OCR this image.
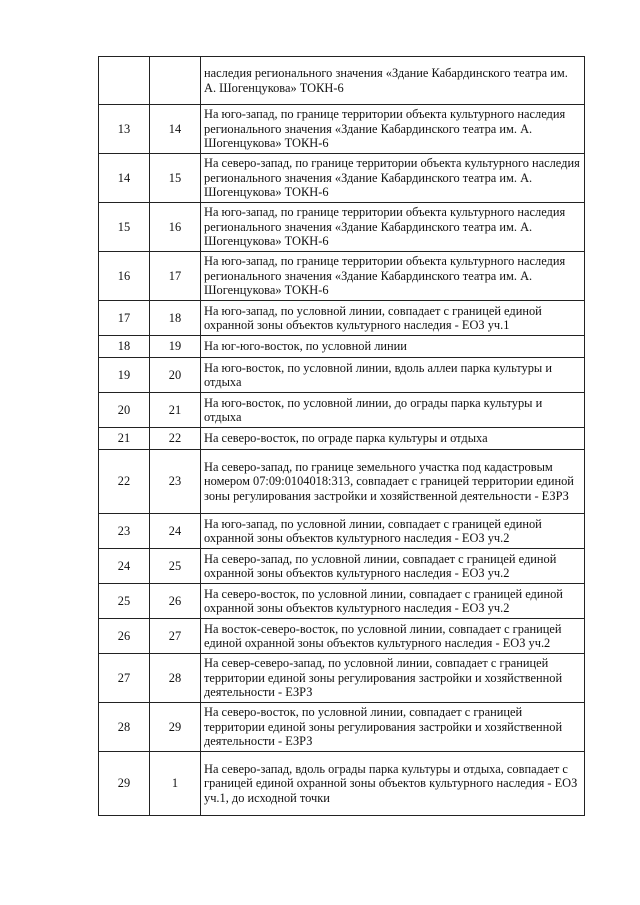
		наследия регионального значения «Здание Кабардинского театра им. А. Шогенцукова» ТОКН-6
13	14	На юго-запад, по границе территории объекта культурного наследия регионального значения «Здание Кабардинского театра им. А. Шогенцукова» ТОКН-6
14	15	На северо-запад, по границе территории объекта культурного наследия регионального значения «Здание Кабардинского театра им. А. Шогенцукова» ТОКН-6
15	16	На юго-запад, по границе территории объекта культурного наследия регионального значения «Здание Кабардинского театра им. А. Шогенцукова» ТОКН-6
16	17	На юго-запад, по границе территории объекта культурного наследия регионального значения «Здание Кабардинского театра им. А. Шогенцукова» ТОКН-6
17	18	На юго-запад, по условной линии, совпадает с границей единой охранной зоны объектов культурного наследия - ЕОЗ уч.1
18	19	На юг-юго-восток, по условной линии
19	20	На юго-восток, по условной линии, вдоль аллеи парка культуры и отдыха
20	21	На юго-восток, по условной линии, до ограды парка культуры и отдыха
21	22	На северо-восток, по ограде парка культуры и отдыха
22	23	На северо-запад, по границе земельного участка под кадастровым номером 07:09:0104018:313, совпадает с границей территории единой зоны регулирования застройки и хозяйственной деятельности - ЕЗРЗ
23	24	На юго-запад, по условной линии, совпадает с границей единой охранной зоны объектов культурного наследия - ЕОЗ уч.2
24	25	На северо-запад, по условной линии, совпадает с границей единой охранной зоны объектов культурного наследия - ЕОЗ уч.2
25	26	На северо-восток, по условной линии, совпадает с границей единой охранной зоны объектов культурного наследия - ЕОЗ уч.2
26	27	На восток-северо-восток, по условной линии, совпадает с границей единой охранной зоны объектов культурного наследия - ЕОЗ уч.2
27	28	На север-северо-запад, по условной линии, совпадает с границей территории единой зоны регулирования застройки и хозяйственной деятельности - ЕЗРЗ
28	29	На северо-восток, по условной линии, совпадает с границей территории единой зоны регулирования застройки и хозяйственной деятельности - ЕЗРЗ
29	1	На северо-запад, вдоль ограды парка культуры и отдыха, совпадает с границей единой охранной зоны объектов культурного наследия - ЕОЗ уч.1, до исходной точки
